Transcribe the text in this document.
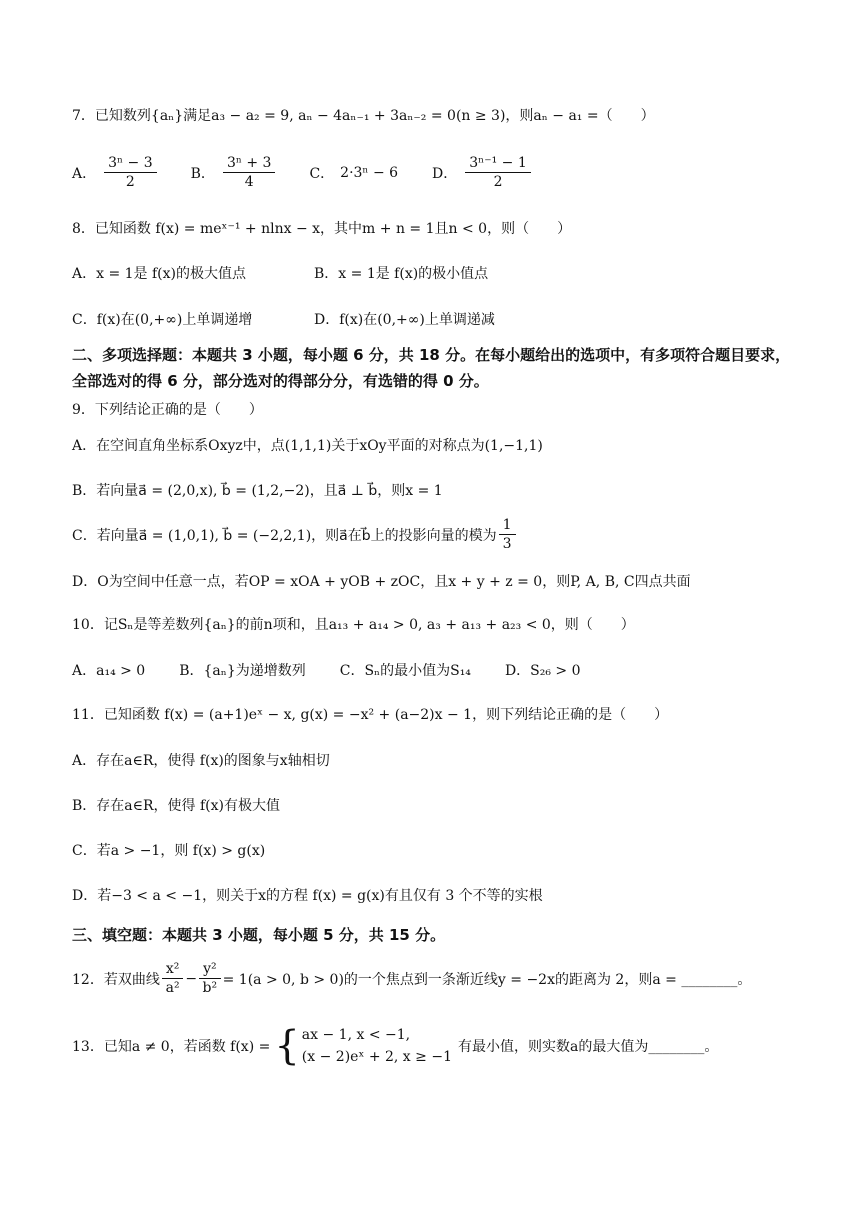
7．已知数列{aₙ}满足a₃ − a₂ = 9, aₙ − 4aₙ₋₁ + 3aₙ₋₂ = 0(n ≥ 3)，则aₙ − a₁ =（　　）
A． $\frac{\text{3ⁿ − 3}}{2}$ B． $\frac{\text{3ⁿ + 3}}{4}$ C． 2·3ⁿ − 6 D． $\frac{\text{3ⁿ⁻¹ − 1}}{2}$
8．已知函数 f(x) = meˣ⁻¹ + nlnx − x，其中m + n = 1且n < 0，则（　　）
A．x = 1是 f(x)的极大值点	B．x = 1是 f(x)的极小值点
C．f(x)在(0,+∞)上单调递增	D．f(x)在(0,+∞)上单调递减
二、多项选择题：本题共 3 小题，每小题 6 分，共 18 分。在每小题给出的选项中，有多项符合题目要求，全部选对的得 6 分，部分选对的得部分分，有选错的得 0 分。
9．下列结论正确的是（　　）
A．在空间直角坐标系Oxyz中，点(1,1,1)关于xOy平面的对称点为(1,−1,1)
B．若向量a⃗ = (2,0,x), b⃗ = (1,2,−2)，且a⃗ ⊥ b⃗，则x = 1
C．若向量a⃗ = (1,0,1), b⃗ = (−2,2,1)，则a⃗在b⃗上的投影向量的模为 $\frac{1}{3}$
D．O为空间中任意一点，若OP = xOA + yOB + zOC，且x + y + z = 0，则P, A, B, C四点共面
10．记Sₙ是等差数列{aₙ}的前n项和，且a₁₃ + a₁₄ > 0, a₃ + a₁₃ + a₂₃ < 0，则（　　）
A．a₁₄ > 0 B．{aₙ}为递增数列 C．Sₙ的最小值为S₁₄ D．S₂₆ > 0
11．已知函数 f(x) = (a+1)eˣ − x, g(x) = −x² + (a−2)x − 1，则下列结论正确的是（　　）
A．存在a∈R，使得 f(x)的图象与x轴相切
B．存在a∈R，使得 f(x)有极大值
C．若a > −1，则 f(x) > g(x)
D．若−3 < a < −1，则关于x的方程 f(x) = g(x)有且仅有 3 个不等的实根
三、填空题：本题共 3 小题，每小题 5 分，共 15 分。
12．若双曲线 $\frac{\text{x²}}{\text{a²}} - \frac{\text{y²}}{\text{b²}} = 1(a > 0$, b > 0)的一个焦点到一条渐近线y = −2x的距离为 2，则a = ________。
13．已知a ≠ 0，若函数 f(x) = { ax − 1, x < −1,
(x − 2)eˣ + 2, x ≥ −1
有最小值，则实数a的最大值为________。
